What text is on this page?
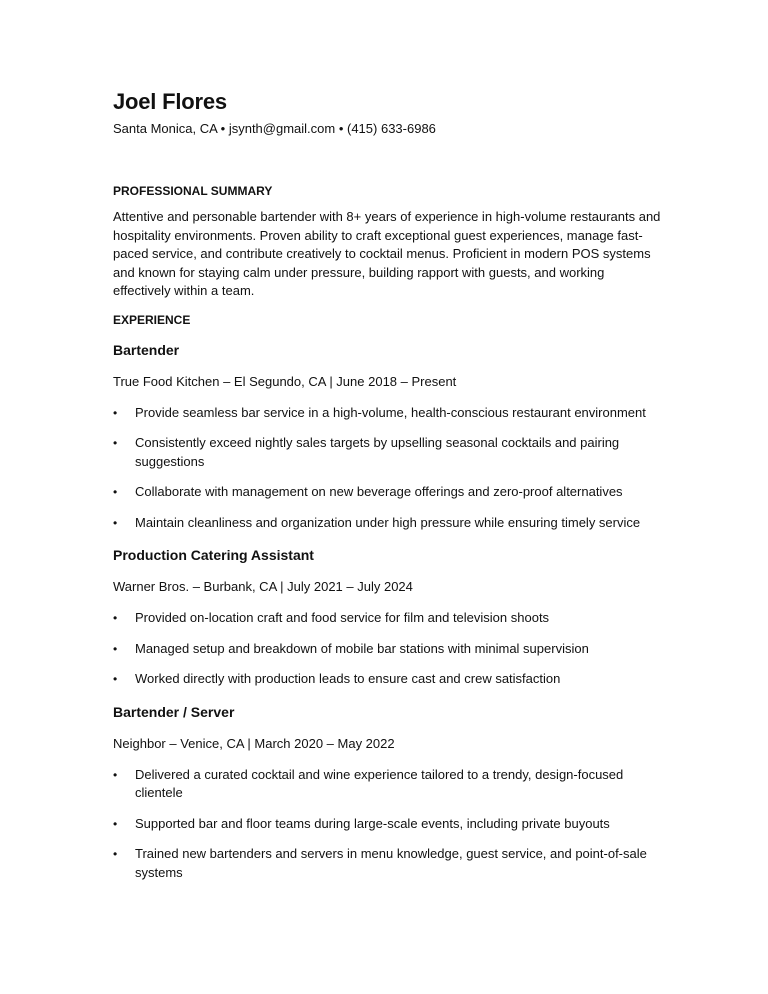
Joel Flores
Santa Monica, CA • jsynth@gmail.com • (415) 633-6986
PROFESSIONAL SUMMARY
Attentive and personable bartender with 8+ years of experience in high-volume restaurants and hospitality environments. Proven ability to craft exceptional guest experiences, manage fast-paced service, and contribute creatively to cocktail menus. Proficient in modern POS systems and known for staying calm under pressure, building rapport with guests, and working effectively within a team.
EXPERIENCE
Bartender
True Food Kitchen – El Segundo, CA | June 2018 – Present
• Provide seamless bar service in a high-volume, health-conscious restaurant environment
• Consistently exceed nightly sales targets by upselling seasonal cocktails and pairing suggestions
• Collaborate with management on new beverage offerings and zero-proof alternatives
• Maintain cleanliness and organization under high pressure while ensuring timely service
Production Catering Assistant
Warner Bros. – Burbank, CA | July 2021 – July 2024
• Provided on-location craft and food service for film and television shoots
• Managed setup and breakdown of mobile bar stations with minimal supervision
• Worked directly with production leads to ensure cast and crew satisfaction
Bartender / Server
Neighbor – Venice, CA | March 2020 – May 2022
• Delivered a curated cocktail and wine experience tailored to a trendy, design-focused clientele
• Supported bar and floor teams during large-scale events, including private buyouts
• Trained new bartenders and servers in menu knowledge, guest service, and point-of-sale systems
